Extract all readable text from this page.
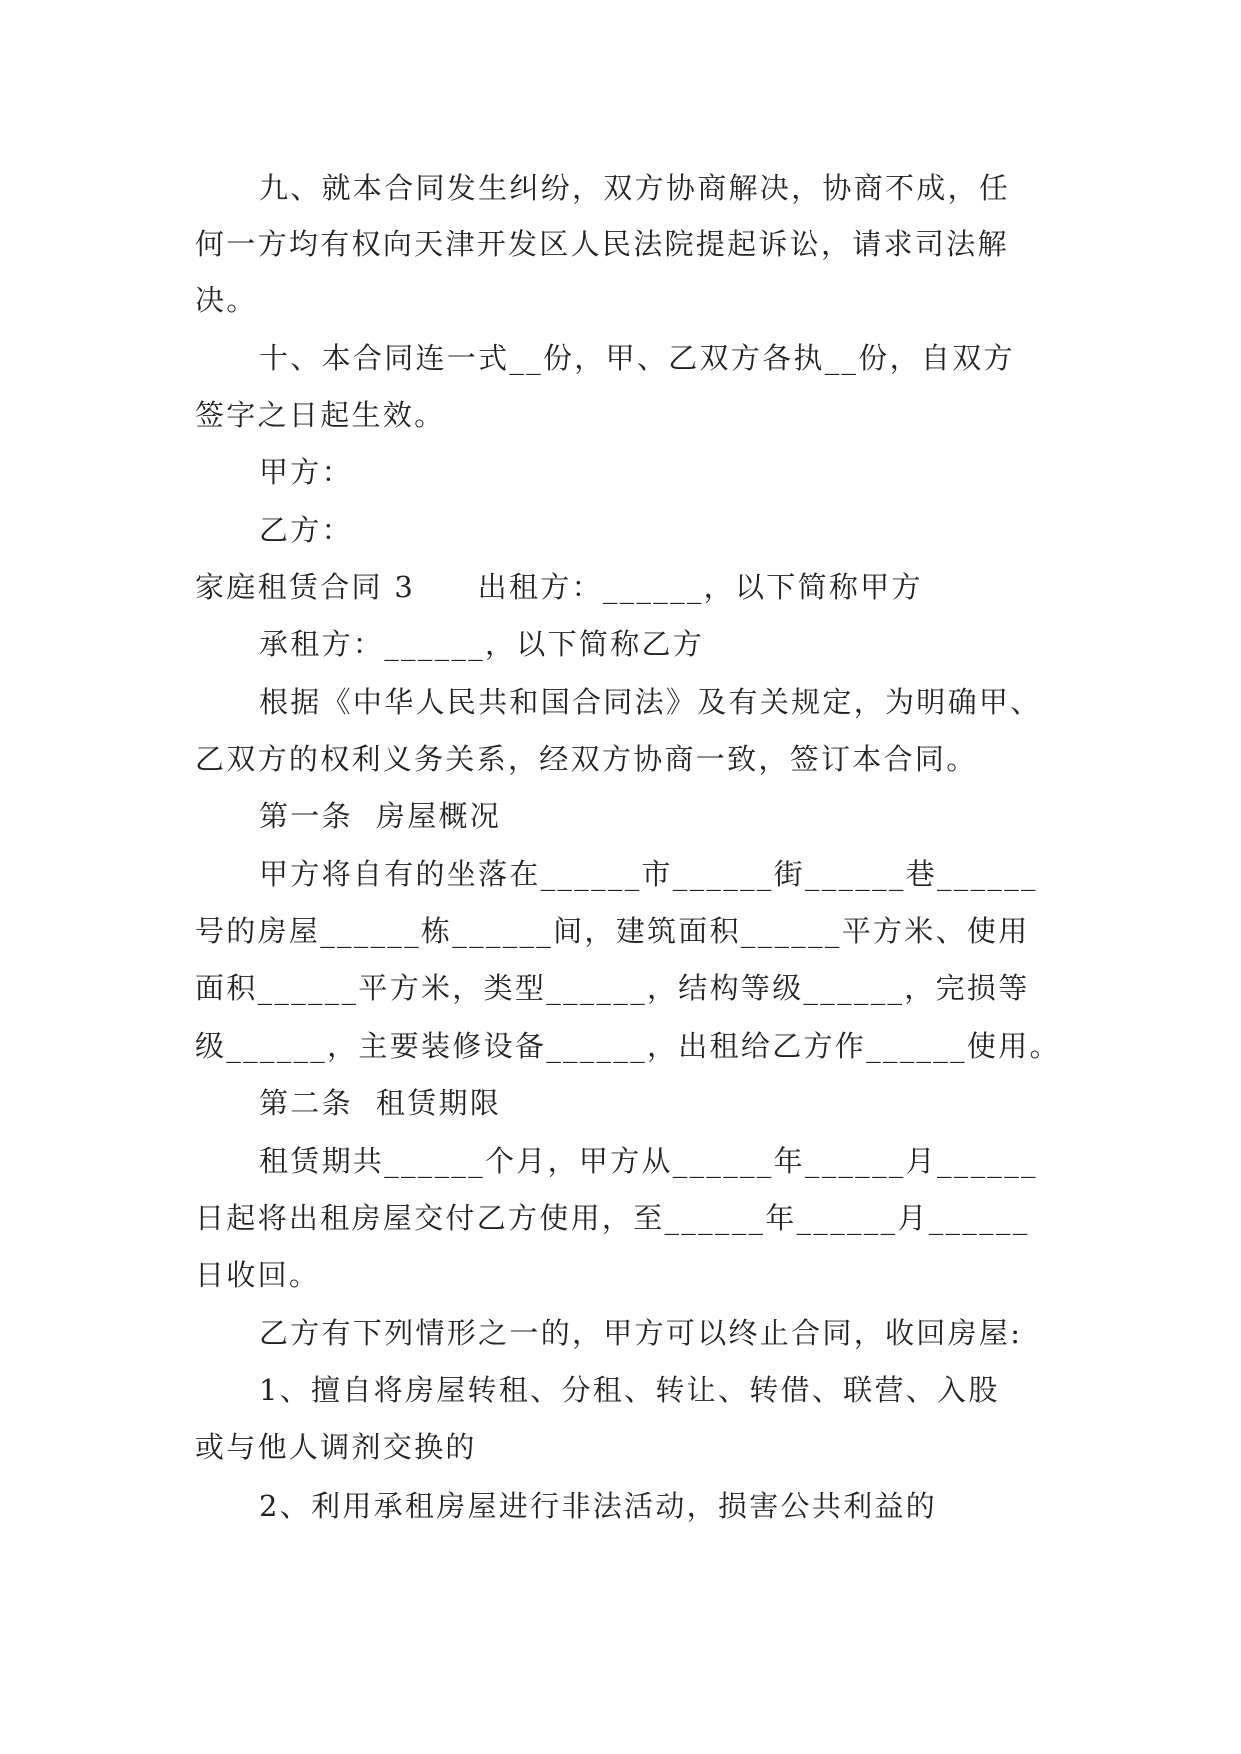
九、就本合同发生纠纷，双方协商解决，协商不成，任
何一方均有权向天津开发区人民法院提起诉讼，请求司法解
决。
十、本合同连一式__份，甲、乙双方各执__份，自双方
签字之日起生效。
甲方：
乙方：
家庭租赁合同 3　　出租方：______，以下简称甲方
承租方：______，以下简称乙方
根据《中华人民共和国合同法》及有关规定，为明确甲、
乙双方的权利义务关系，经双方协商一致，签订本合同。
第一条  房屋概况
甲方将自有的坐落在______市______街______巷______
号的房屋______栋______间，建筑面积______平方米、使用
面积______平方米，类型______，结构等级______，完损等
级______，主要装修设备______，出租给乙方作______使用。
第二条  租赁期限
租赁期共______个月，甲方从______年______月______
日起将出租房屋交付乙方使用，至______年______月______
日收回。
乙方有下列情形之一的，甲方可以终止合同，收回房屋:
1、擅自将房屋转租、分租、转让、转借、联营、入股
或与他人调剂交换的
2、利用承租房屋进行非法活动，损害公共利益的
